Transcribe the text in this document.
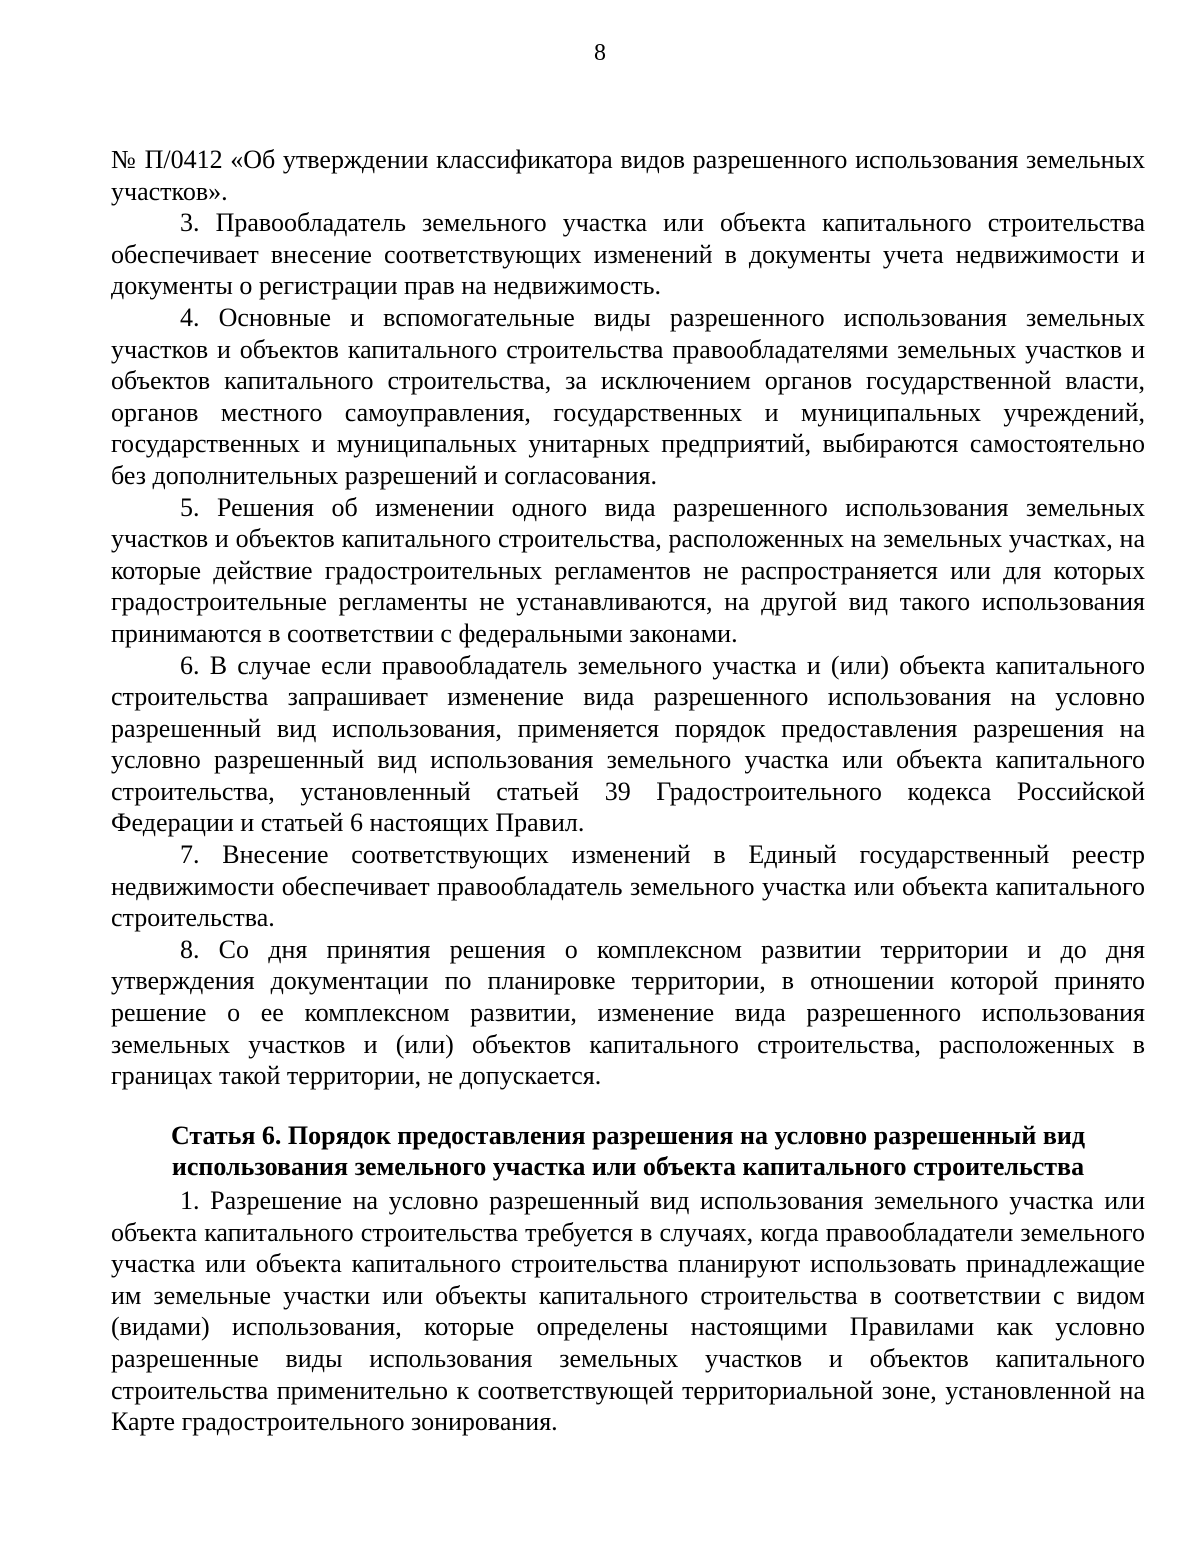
8

№ П/0412 «Об утверждении классификатора видов разрешенного использования земельных участков».

3. Правообладатель земельного участка или объекта капитального строительства обеспечивает внесение соответствующих изменений в документы учета недвижимости и документы о регистрации прав на недвижимость.

4. Основные и вспомогательные виды разрешенного использования земельных участков и объектов капитального строительства правообладателями земельных участков и объектов капитального строительства, за исключением органов государственной власти, органов местного самоуправления, государственных и муниципальных учреждений, государственных и муниципальных унитарных предприятий, выбираются самостоятельно без дополнительных разрешений и согласования.

5. Решения об изменении одного вида разрешенного использования земельных участков и объектов капитального строительства, расположенных на земельных участках, на которые действие градостроительных регламентов не распространяется или для которых градостроительные регламенты не устанавливаются, на другой вид такого использования принимаются в соответствии с федеральными законами.

6. В случае если правообладатель земельного участка и (или) объекта капитального строительства запрашивает изменение вида разрешенного использования на условно разрешенный вид использования, применяется порядок предоставления разрешения на условно разрешенный вид использования земельного участка или объекта капитального строительства, установленный статьей 39 Градостроительного кодекса Российской Федерации и статьей 6 настоящих Правил.

7. Внесение соответствующих изменений в Единый государственный реестр недвижимости обеспечивает правообладатель земельного участка или объекта капитального строительства.

8. Со дня принятия решения о комплексном развитии территории и до дня утверждения документации по планировке территории, в отношении которой принято решение о ее комплексном развитии, изменение вида разрешенного использования земельных участков и (или) объектов капитального строительства, расположенных в границах такой территории, не допускается.

Статья 6. Порядок предоставления разрешения на условно разрешенный вид
использования земельного участка или объекта капитального строительства

1. Разрешение на условно разрешенный вид использования земельного участка или объекта капитального строительства требуется в случаях, когда правообладатели земельного участка или объекта капитального строительства планируют использовать принадлежащие им земельные участки или объекты капитального строительства в соответствии с видом (видами) использования, которые определены настоящими Правилами как условно разрешенные виды использования земельных участков и объектов капитального строительства применительно к соответствующей территориальной зоне, установленной на Карте градостроительного зонирования.
